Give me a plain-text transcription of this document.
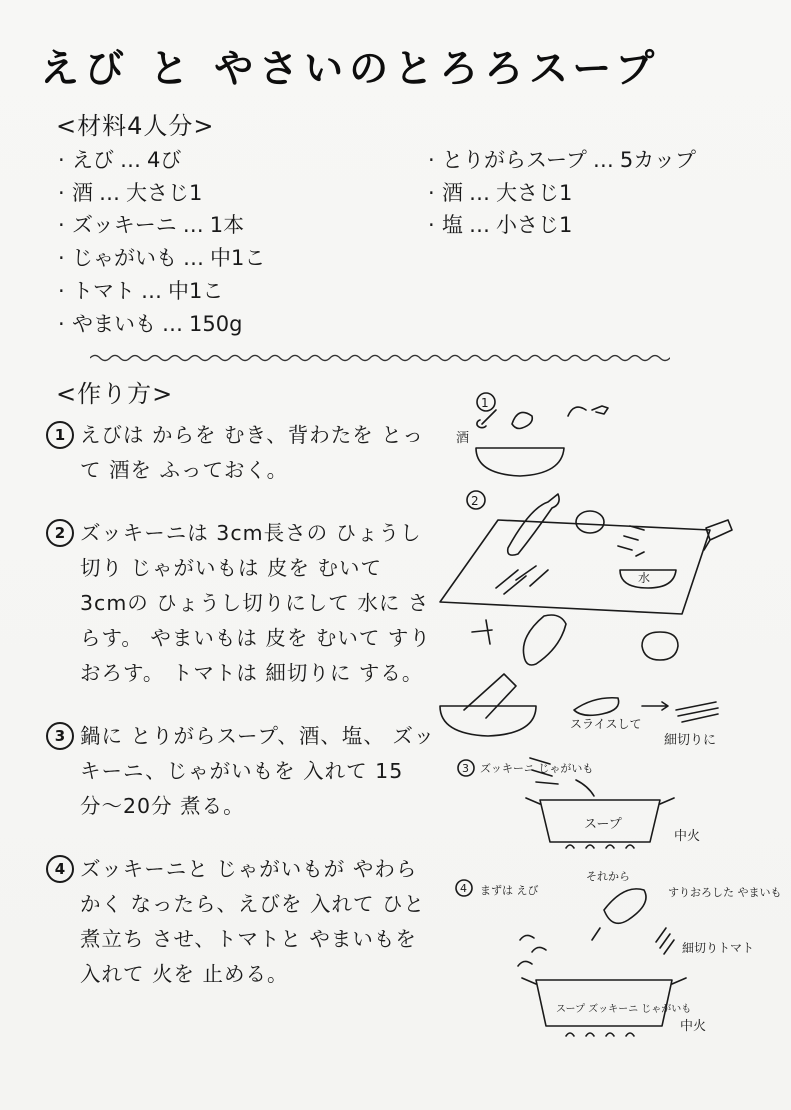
えび と やさいのとろろスープ
<材料4人分>
· えび … 4び
· 酒 … 大さじ1
· ズッキーニ … 1本
· じゃがいも … 中1こ
· トマト … 中1こ
· やまいも … 150g
· とりがらスープ … 5カップ
· 酒 … 大さじ1
· 塩 … 小さじ1
<作り方>
1 えびは からを むき、背わたを とって 酒を ふっておく。
2 ズッキーニは 3cm長さの ひょうし切り じゃがいもは 皮を むいて 3cmの ひょうし切りにして 水に さらす。 やまいもは 皮を むいて すりおろす。 トマトは 細切りに する。
3 鍋に とりがらスープ、酒、塩、 ズッキーニ、じゃがいもを 入れて 15分〜20分 煮る。
4 ズッキーニと じゃがいもが やわらかく なったら、えびを 入れて ひと煮立ち させ、トマトと やまいもを 入れて 火を 止める。
1
酒
2
水
スライスして
細切りに
3 ズッキーニ じゃがいも
スープ
中火
4 まずは えび
それから
すりおろした やまいも
細切りトマト
スープ ズッキーニ じゃがいも
中火
